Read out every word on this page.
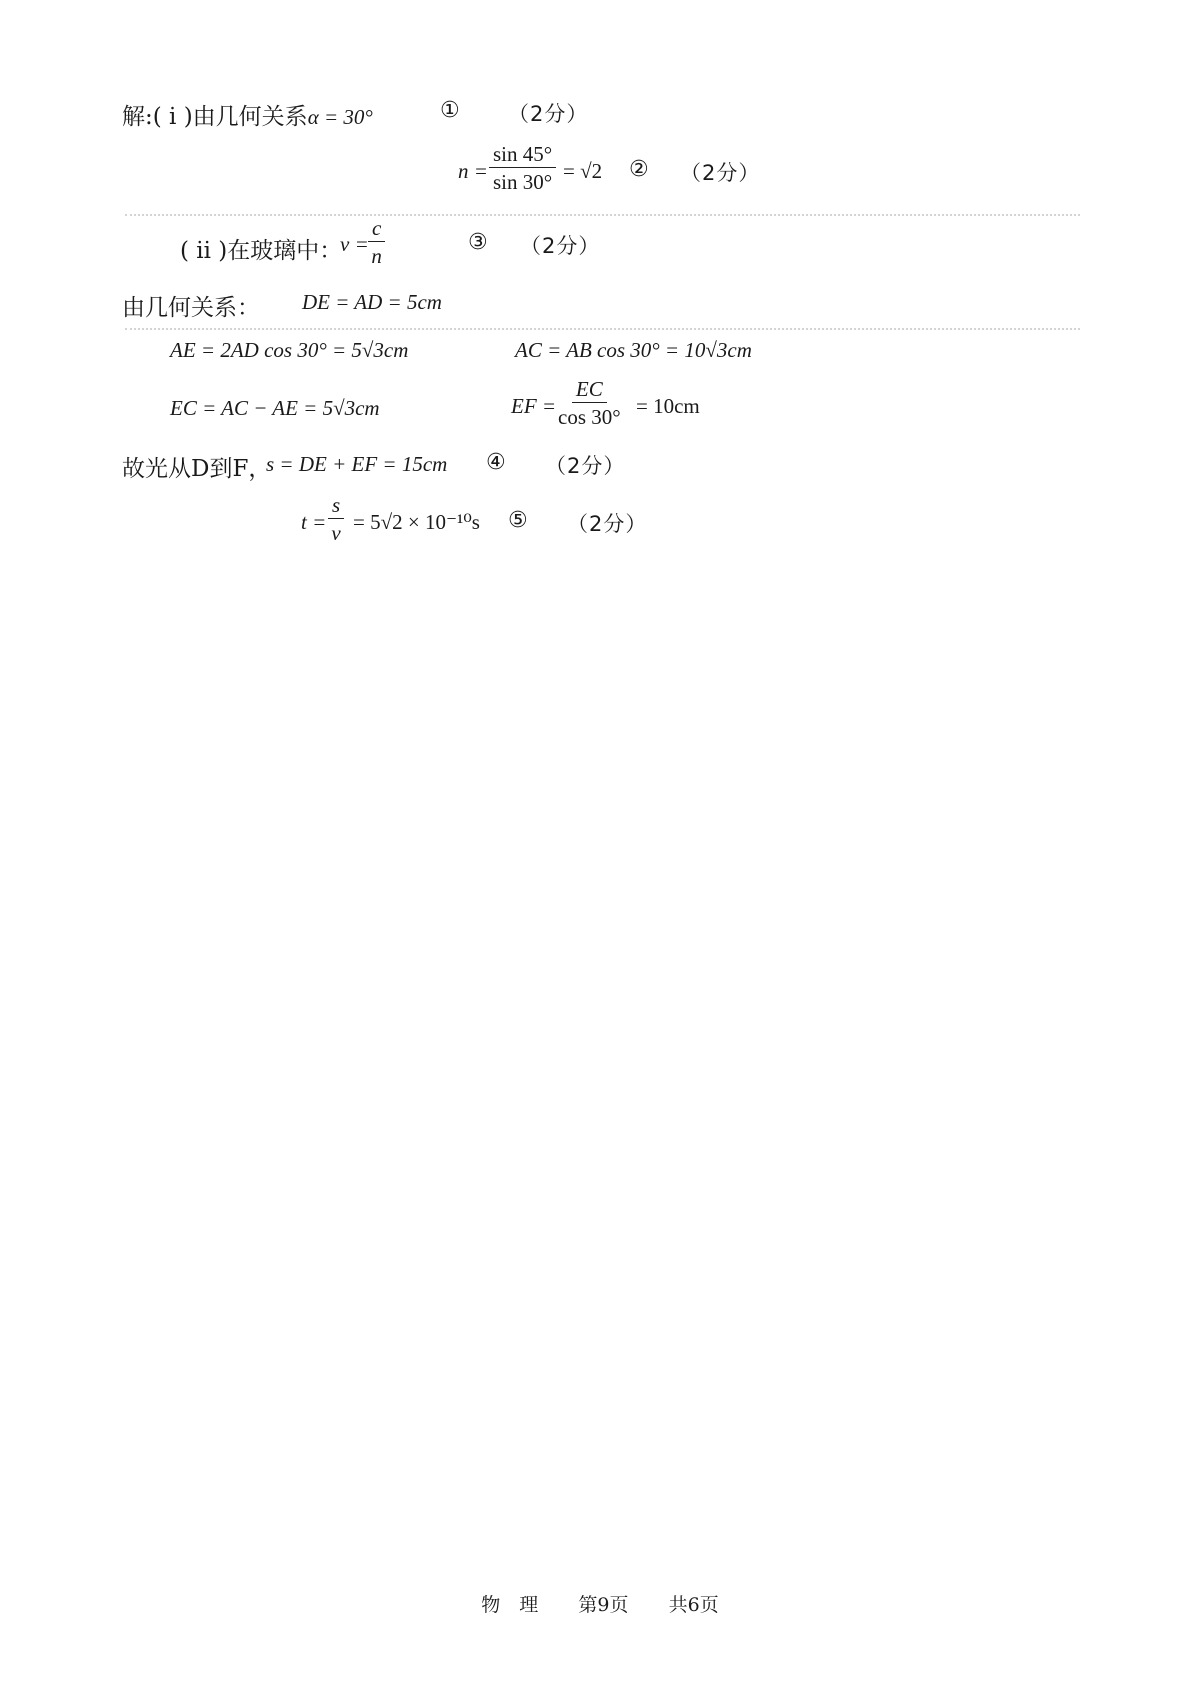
解:( ⅰ )由几何关系α = 30°	① （2分）
$n = \frac{\sin 45^\circ}{\sin 30^\circ} = √2$ ② （2分）
( ⅱ )在玻璃中：
$v = \frac{c}{n}$	③ （2分）
由几何关系： DE = AD = 5cm
AE = 2AD cos 30° = 5√3cm	AC = AB cos 30° = 10√3cm
EC = AC − AE = 5√3cm	EF = $\frac{EC}{\cos 30^\circ} = 10cm$
故光从D到F，
s = DE + EF = 15cm ④ （2分）
$t = \frac{s}{v} = 5√2 \times 10^{-10}s$ ⑤ （2分）
物　理 第9页 共6页
